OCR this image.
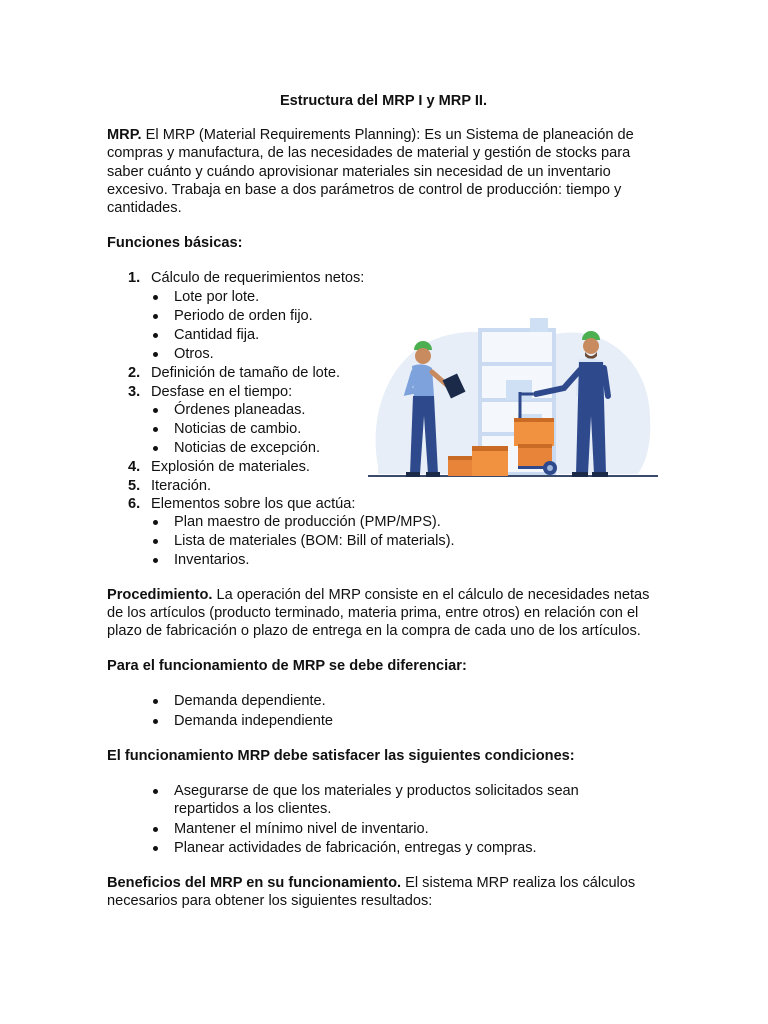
Estructura del MRP I y MRP II.

MRP. El MRP (Material Requirements Planning): Es un Sistema de planeación de compras y manufactura, de las necesidades de material y gestión de stocks para saber cuánto y cuándo aprovisionar materiales sin necesidad de un inventario excesivo. Trabaja en base a dos parámetros de control de producción: tiempo y cantidades.

Funciones básicas:

1. Cálculo de requerimientos netos:
Lote por lote.
Periodo de orden fijo.
Cantidad fija.
Otros.
2. Definición de tamaño de lote.
3. Desfase en el tiempo:
Órdenes planeadas.
Noticias de cambio.
Noticias de excepción.
4. Explosión de materiales.
5. Iteración.
6. Elementos sobre los que actúa:
Plan maestro de producción (PMP/MPS).
Lista de materiales (BOM: Bill of materials).
Inventarios.

Procedimiento. La operación del MRP consiste en el cálculo de necesidades netas de los artículos (producto terminado, materia prima, entre otros) en relación con el plazo de fabricación o plazo de entrega en la compra de cada uno de los artículos.

Para el funcionamiento de MRP se debe diferenciar:

Demanda dependiente.
Demanda independiente

El funcionamiento MRP debe satisfacer las siguientes condiciones:

Asegurarse de que los materiales y productos solicitados sean repartidos a los clientes.
Mantener el mínimo nivel de inventario.
Planear actividades de fabricación, entregas y compras.

Beneficios del MRP en su funcionamiento. El sistema MRP realiza los cálculos necesarios para obtener los siguientes resultados:
